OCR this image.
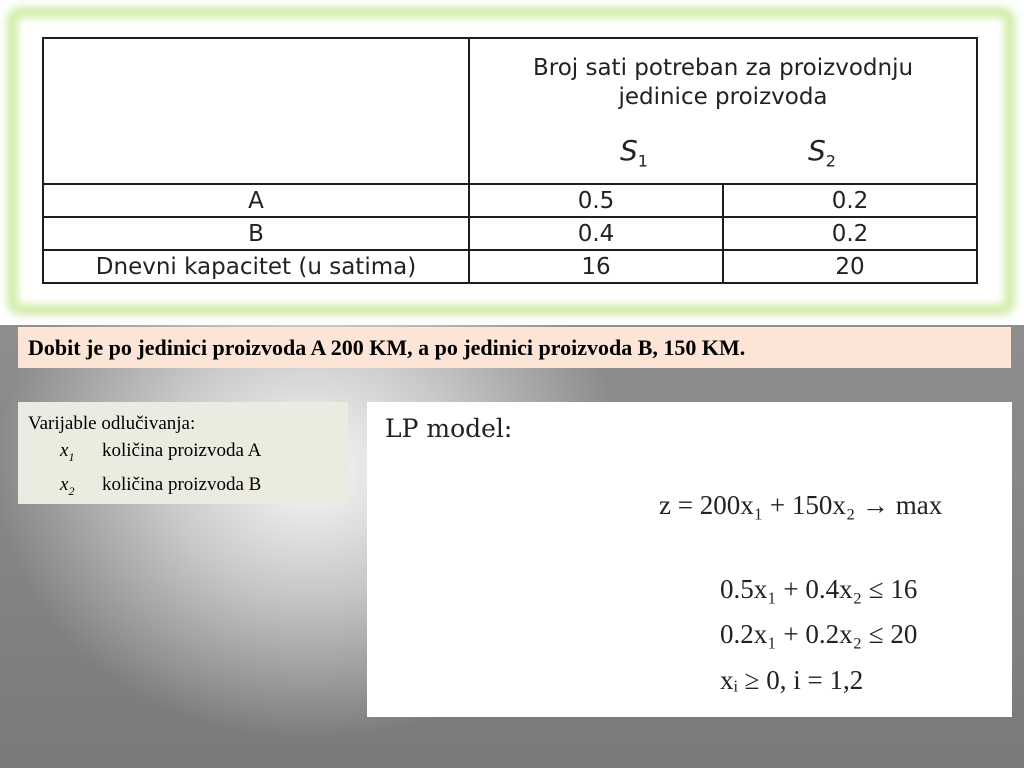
	Broj sati potreban za proizvodnju
jedinice proizvoda
$S_1$ $S_2$

A	0.5	0.2
B	0.4	0.2
Dnevni kapacitet (u satima)	16	20
Dobit je po jedinici proizvoda A 200 KM, a po jedinici proizvoda B, 150 KM.
Varijable odlučivanja:
$x_1$	količina proizvoda A
$x_2$	količina proizvoda B
LP model:
z = 200x₁ + 150x₂ → max
0.5x₁ + 0.4x₂ ≤ 16
0.2x₁ + 0.2x₂ ≤ 20
xᵢ ≥ 0, i = 1,2
